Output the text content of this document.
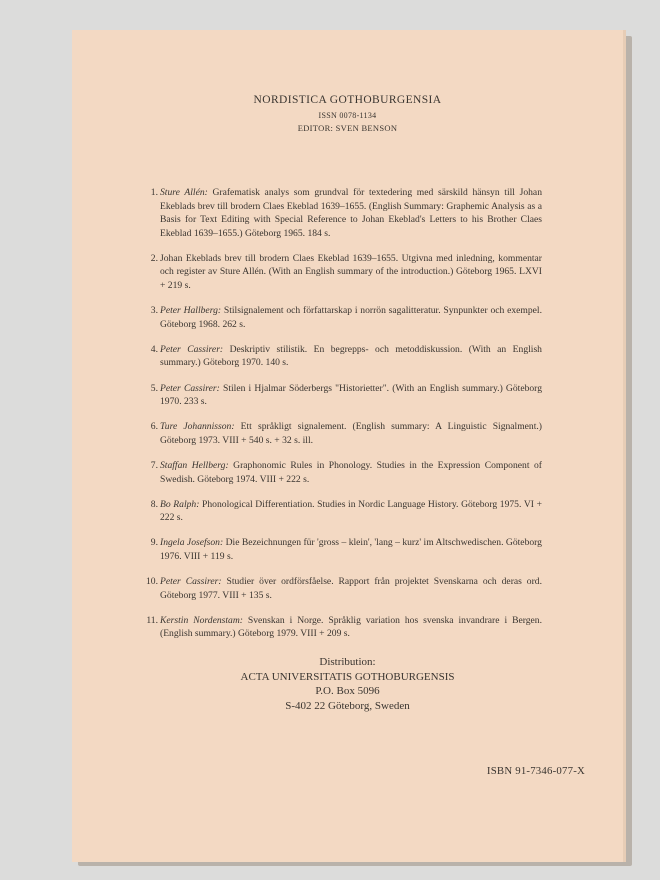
NORDISTICA GOTHOBURGENSIA
ISSN 0078-1134
EDITOR: SVEN BENSON
1. Sture Allén: Grafematisk analys som grundval för textedering med särskild hänsyn till Johan Ekeblads brev till brodern Claes Ekeblad 1639–1655. (English Summary: Graphemic Analysis as a Basis for Text Editing with Special Reference to Johan Ekeblad's Letters to his Brother Claes Ekeblad 1639–1655.) Göteborg 1965. 184 s.
2. Johan Ekeblads brev till brodern Claes Ekeblad 1639–1655. Utgivna med inledning, kommentar och register av Sture Allén. (With an English summary of the introduction.) Göteborg 1965. LXVI + 219 s.
3. Peter Hallberg: Stilsignalement och författarskap i norrön sagalitteratur. Synpunkter och exempel. Göteborg 1968. 262 s.
4. Peter Cassirer: Deskriptiv stilistik. En begrepps- och metoddiskussion. (With an English summary.) Göteborg 1970. 140 s.
5. Peter Cassirer: Stilen i Hjalmar Söderbergs "Historietter". (With an English summary.) Göteborg 1970. 233 s.
6. Ture Johannisson: Ett språkligt signalement. (English summary: A Linguistic Signalment.) Göteborg 1973. VIII + 540 s. + 32 s. ill.
7. Staffan Hellberg: Graphonomic Rules in Phonology. Studies in the Expression Component of Swedish. Göteborg 1974. VIII + 222 s.
8. Bo Ralph: Phonological Differentiation. Studies in Nordic Language History. Göteborg 1975. VI + 222 s.
9. Ingela Josefson: Die Bezeichnungen für 'gross – klein', 'lang – kurz' im Altschwedischen. Göteborg 1976. VIII + 119 s.
10. Peter Cassirer: Studier över ordförsfåelse. Rapport från projektet Svenskarna och deras ord. Göteborg 1977. VIII + 135 s.
11. Kerstin Nordenstam: Svenskan i Norge. Språklig variation hos svenska invandrare i Bergen. (English summary.) Göteborg 1979. VIII + 209 s.
Distribution:
ACTA UNIVERSITATIS GOTHOBURGENSIS
P.O. Box 5096
S-402 22 Göteborg, Sweden
ISBN 91-7346-077-X
